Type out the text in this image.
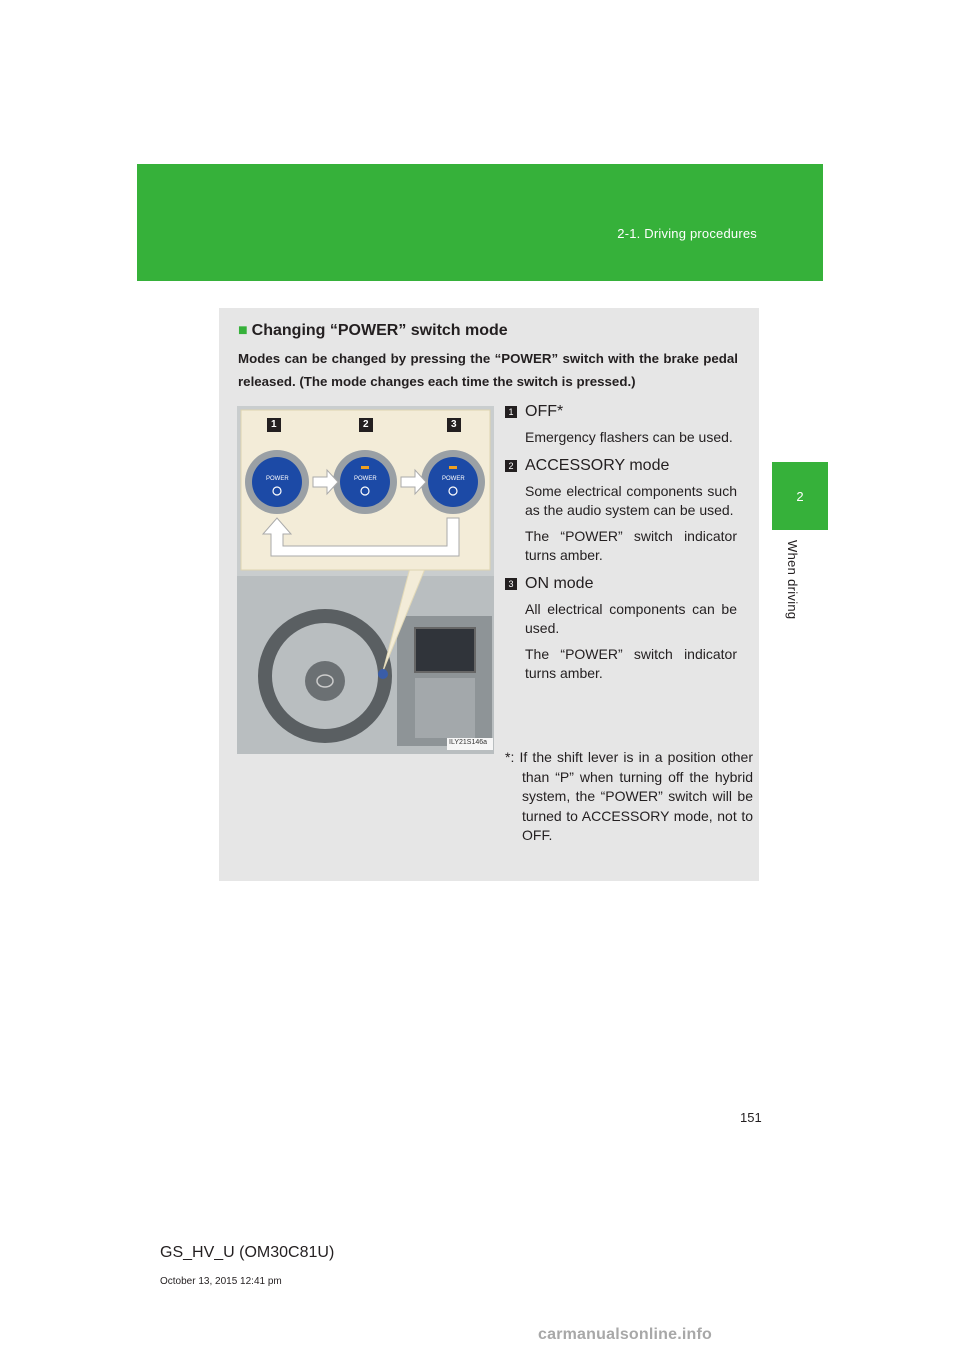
2-1. Driving procedures
2
When driving
■ Changing “POWER” switch mode
Modes can be changed by pressing the “POWER” switch with the brake pedal released. (The mode changes each time the switch is pressed.)
1	2	3
POWER	POWER	POWER
ILY21S146a
1 OFF*

Emergency flashers can be used.

2 ACCESSORY mode

Some electrical components such as the audio system can be used.

The “POWER” switch indicator turns amber.

3 ON mode

All electrical components can be used.

The “POWER” switch indicator turns amber.

*: If the shift lever is in a position other than “P” when turning off the hybrid system, the “POWER” switch will be turned to ACCESSORY mode, not to OFF.
151
GS_HV_U (OM30C81U)
October 13, 2015 12:41 pm
carmanualsonline.info
